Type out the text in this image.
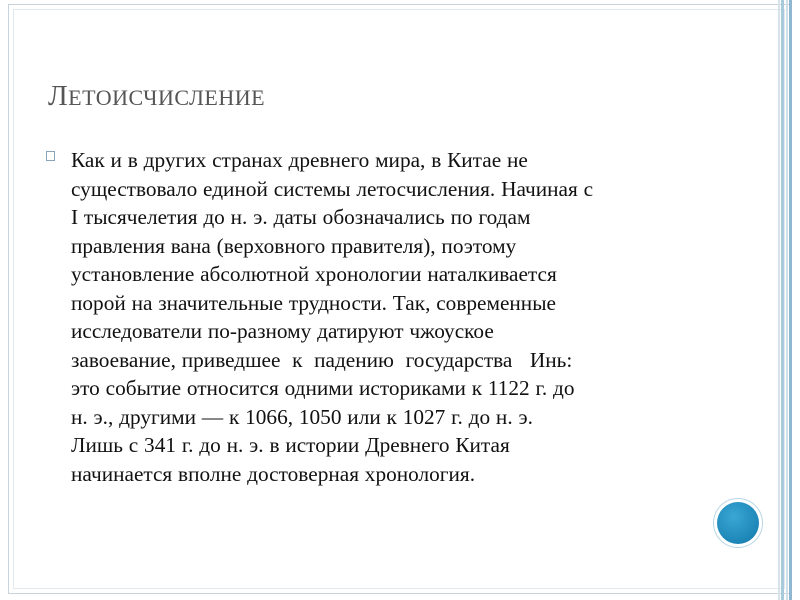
ЛЕТОИСЧИСЛЕНИЕ
Как и в других странах древнего мира, в Китае не
существовало единой системы летосчисления. Начиная с
I тысячелетия до н. э. даты обозначались по годам
правления вана (верховного правителя), поэтому
установление абсолютной хронологии наталкивается
порой на значительные трудности. Так, современные
исследователи по-разному датируют чжоуское
завоевание, приведшее  к  падению  государства   Инь:
это событие относится одними историками к 1122 г. до
н. э., другими — к 1066, 1050 или к 1027 г. до н. э.
Лишь с 341 г. до н. э. в истории Древнего Китая
начинается вполне достоверная хронология.
